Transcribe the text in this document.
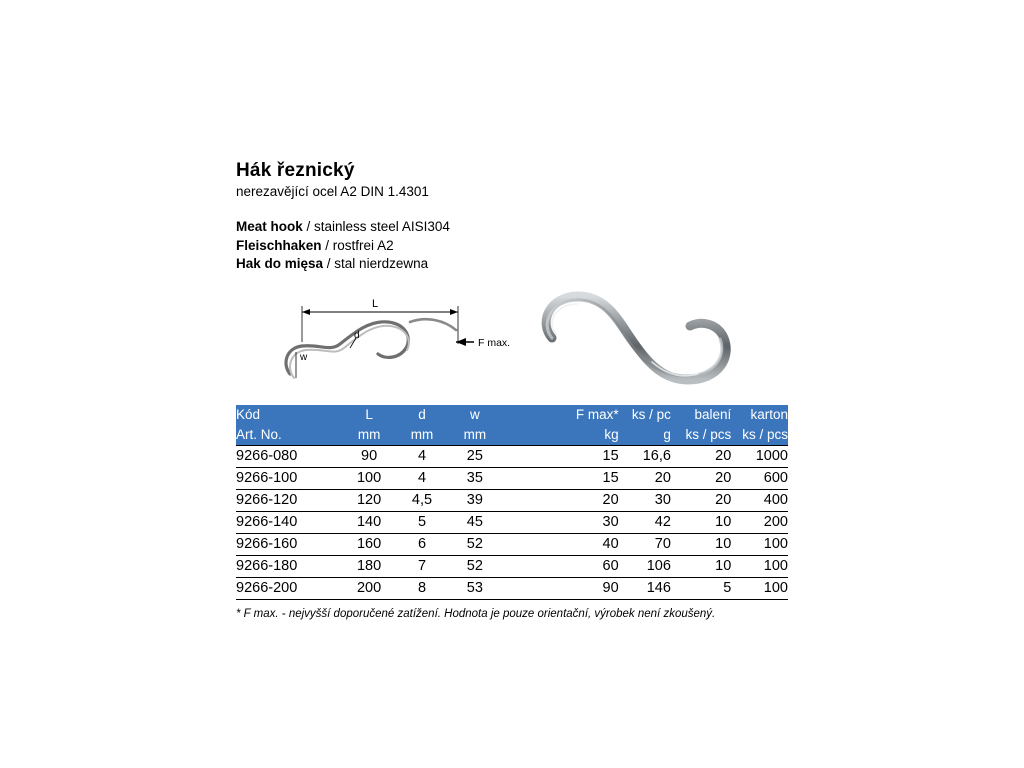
Hák řeznický
nerezavějící ocel A2 DIN 1.4301
Meat hook / stainless steel AISI304
Fleischhaken / rostfrei A2
Hak do mięsa / stal nierdzewna
L
w
d
F max.
Kód	L	d	w		F max*	ks / pc	balení	karton
Art. No.	mm	mm	mm		kg	g	ks / pcs	ks / pcs
9266-080	90	4	25		15	16,6	20	1000
9266-100	100	4	35		15	20	20	600
9266-120	120	4,5	39		20	30	20	400
9266-140	140	5	45		30	42	10	200
9266-160	160	6	52		40	70	10	100
9266-180	180	7	52		60	106	10	100
9266-200	200	8	53		90	146	5	100
* F max. - nejvyšší doporučené zatížení. Hodnota je pouze orientační, výrobek není zkoušený.
